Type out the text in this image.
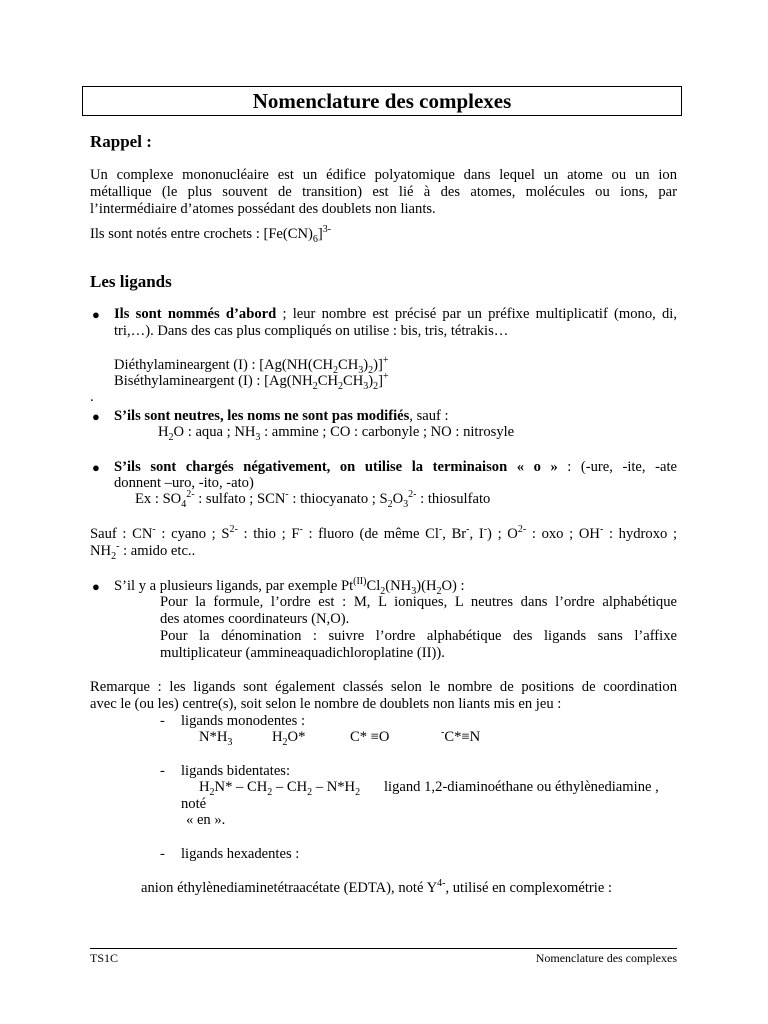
Nomenclature des complexes
Rappel :
Un complexe mononucléaire est un édifice polyatomique dans lequel un atome ou un ion
métallique (le plus souvent de transition) est lié à des atomes, molécules ou ions, par
l’intermédiaire d’atomes possédant des doublets non liants.
Ils sont notés entre crochets : $[Fe(CN)_6]^{3-}$
Les ligands
● Ils sont nommés d’abord ; leur nombre est précisé par un préfixe multiplicatif (mono, di,
tri,…). Dans des cas plus compliqués on utilise : bis, tris, tétrakis…
Diéthylamineargent (I) : $[Ag(NH(CH_2CH_3)_2)]^+$
Biséthylamineargent (I) : $[Ag(NH_2CH_2CH_3)_2]^+$
.
● S’ils sont neutres, les noms ne sont pas modifiés, sauf :
$H_2O$ : aqua ; $NH_3$ : ammine ; CO : carbonyle ; NO : nitrosyle
● S’ils sont chargés négativement, on utilise la terminaison « o » : (-ure, -ite, -ate
donnent –uro, -ito, -ato)
Ex : $SO_4^{2-}$ : sulfato ; SCN- : thiocyanato ; $S_2O_3^{2-}$ : thiosulfato
Sauf : CN- : cyano ; $S^{2-}$ : thio ; F- : fluoro (de même Cl-, Br-, I-) ; $O^{2-}$ : oxo ; OH- : hydroxo ;
$NH_2^-$ : amido etc..
● S’il y a plusieurs ligands, par exemple $Pt^{(II)}Cl_2(NH_3)(H_2O)$ :
Pour la formule, l’ordre est : M, L ioniques, L neutres dans l’ordre alphabétique
des atomes coordinateurs (N,O).
Pour la dénomination : suivre l’ordre alphabétique des ligands sans l’affixe
multiplicateur (ammineaquadichloroplatine (II)).
Remarque : les ligands sont également classés selon le nombre de positions de coordination
avec le (ou les) centre(s), soit selon le nombre de doublets non liants mis en jeu :
- ligands monodentes :
$N*H_3$	$H_2O*$	C* ≡O	-C*≡N
- ligands bidentates:
$H_2N* - CH_2 - CH_2 - N*H_2$ ligand 1,2-diaminoéthane ou éthylènediamine ,
noté
« en ».
- ligands hexadentes :
anion éthylènediaminetétraacétate (EDTA), noté $Y^{4-}$, utilisé en complexométrie :
TS1C	Nomenclature des complexes
